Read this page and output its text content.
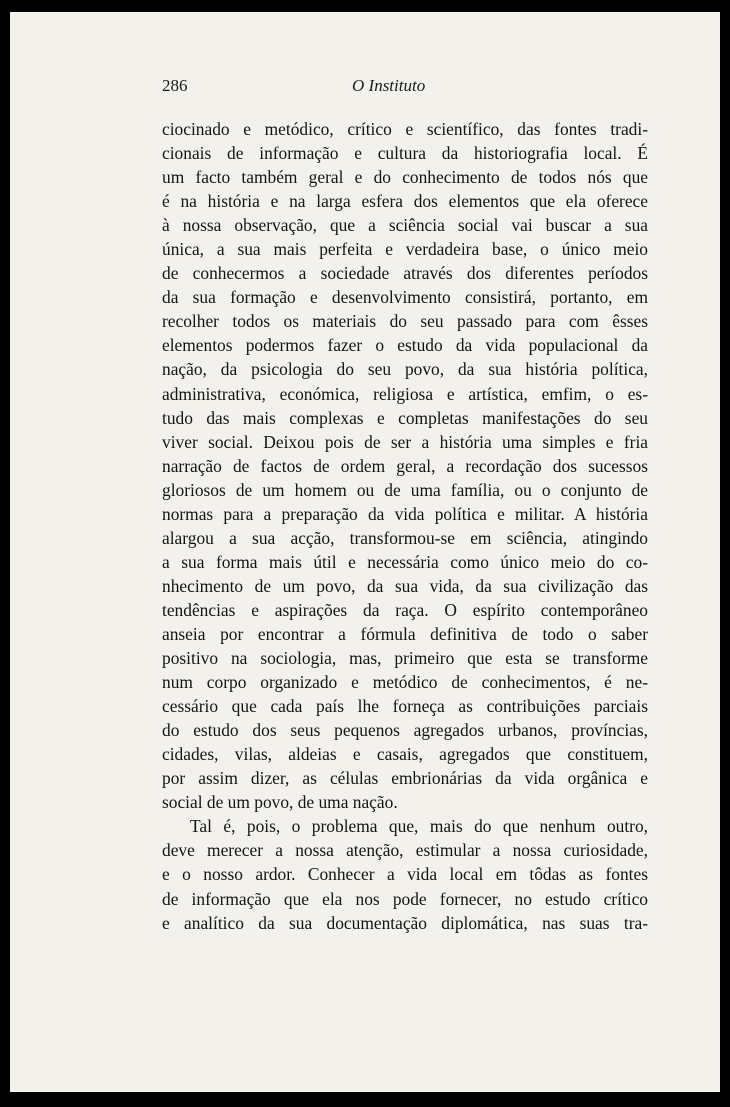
286	O Instituto
ciocinado e metódico, crítico e scientífico, das fontes tradi-
cionais de informação e cultura da historiografia local. É
um facto também geral e do conhecimento de todos nós que
é na história e na larga esfera dos elementos que ela oferece
à nossa observação, que a sciência social vai buscar a sua
única, a sua mais perfeita e verdadeira base, o único meio
de conhecermos a sociedade através dos diferentes períodos
da sua formação e desenvolvimento consistirá, portanto, em
recolher todos os materiais do seu passado para com êsses
elementos podermos fazer o estudo da vida populacional da
nação, da psicologia do seu povo, da sua história política,
administrativa, económica, religiosa e artística, emfim, o es-
tudo das mais complexas e completas manifestações do seu
viver social. Deixou pois de ser a história uma simples e fria
narração de factos de ordem geral, a recordação dos sucessos
gloriosos de um homem ou de uma família, ou o conjunto de
normas para a preparação da vida política e militar. A história
alargou a sua acção, transformou-se em sciência, atingindo
a sua forma mais útil e necessária como único meio do co-
nhecimento de um povo, da sua vida, da sua civilização das
tendências e aspirações da raça. O espírito contemporâneo
anseia por encontrar a fórmula definitiva de todo o saber
positivo na sociologia, mas, primeiro que esta se transforme
num corpo organizado e metódico de conhecimentos, é ne-
cessário que cada país lhe forneça as contribuições parciais
do estudo dos seus pequenos agregados urbanos, províncias,
cidades, vilas, aldeias e casais, agregados que constituem,
por assim dizer, as células embrionárias da vida orgânica e
social de um povo, de uma nação.
Tal é, pois, o problema que, mais do que nenhum outro,
deve merecer a nossa atenção, estimular a nossa curiosidade,
e o nosso ardor. Conhecer a vida local em tôdas as fontes
de informação que ela nos pode fornecer, no estudo crítico
e analítico da sua documentação diplomática, nas suas tra-
